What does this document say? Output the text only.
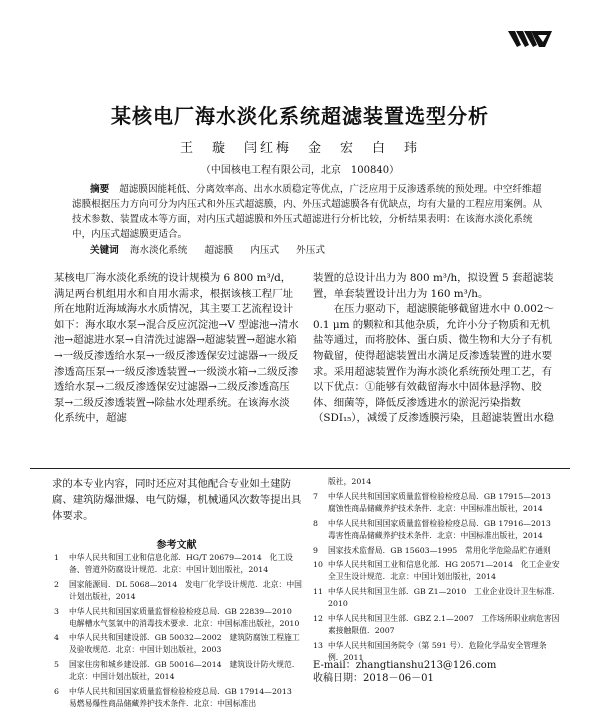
某核电厂海水淡化系统超滤装置选型分析
王　璇　闫红梅　金　宏　白　玮
（中国核电工程有限公司，北京　100840）

摘要 超滤膜因能耗低、分离效率高、出水水质稳定等优点，广泛应用于反渗透系统的预处理。中空纤维超滤膜根据压力方向可分为内压式和外压式超滤膜，内、外压式超滤膜各有优缺点，均有大量的工程应用案例。从技术参数、装置成本等方面，对内压式超滤膜和外压式超滤进行分析比较，分析结果表明：在该海水淡化系统中，内压式超滤膜更适合。

关键词 海水淡化系统 超滤膜 内压式 外压式

某核电厂海水淡化系统的设计规模为 6 800 m³/d，满足两台机组用水和自用水需求，根据该核工程厂址所在地附近海域海水水质情况，其主要工艺流程设计如下：海水取水泵→混合反应沉淀池→V 型滤池→清水池→超滤进水泵→自清洗过滤器→超滤装置→超滤水箱→一级反渗透给水泵→一级反渗透保安过滤器→一级反渗透高压泵→一级反渗透装置→一级淡水箱→二级反渗透给水泵→二级反渗透保安过滤器→二级反渗透高压泵→二级反渗透装置→除盐水处理系统。在该海水淡化系统中，超滤

装置的总设计出力为 800 m³/h，拟设置 5 套超滤装置，单套装置设计出力为 160 m³/h。
在压力驱动下，超滤膜能够截留进水中 0.002～0.1 μm 的颗粒和其他杂质，允许小分子物质和无机盐等通过，而将胶体、蛋白质、微生物和大分子有机物截留，使得超滤装置出水满足反渗透装置的进水要求。采用超滤装置作为海水淡化系统预处理工艺，有以下优点：①能够有效截留海水中固体悬浮物、胶体、细菌等，降低反渗透进水的淤泥污染指数（SDI₁₅），减缓了反渗透膜污染，且超滤装置出水稳

求的本专业内容，同时还应对其他配合专业如土建防腐、建筑防爆泄爆、电气防爆，机械通风次数等提出具体要求。

参考文献
1	中华人民共和国工业和信息化部．HG/T 20679—2014　化工设备、管道外防腐设计规范．北京：中国计划出版社，2014
2	国家能源局．DL 5068—2014　发电厂化学设计规范．北京：中国计划出版社，2014
3	中华人民共和国国家质量监督检验检疫总局．GB 22839—2010　电解槽水气氢氧中的消毒技术要求．北京：中国标准出版社，2010
4	中华人民共和国建设部．GB 50032—2002　建筑防腐蚀工程施工及验收规范．北京：中国计划出版社，2003
5	国家住房和城乡建设部．GB 50016—2014　建筑设计防火规范．北京：中国计划出版社，2014
6	中华人民共和国国家质量监督检验检疫总局．GB 17914—2013　易燃易爆性商品储藏养护技术条件．北京：中国标准出
版社，2014
7	中华人民共和国国家质量监督检验检疫总局．GB 17915—2013　腐蚀性商品储藏养护技术条件．北京：中国标准出版社，2014
8	中华人民共和国国家质量监督检验检疫总局．GB 17916—2013　毒害性商品储藏养护技术条件．北京：中国标准出版社，2014
9	国家技术监督局．GB 15603—1995　常用化学危险品贮存通则
10 中华人民共和国工业和信息化部．HG 20571—2014　化工企业安全卫生设计规范．北京：中国计划出版社，2014
11 中华人民共和国卫生部．GB Z1—2010　工业企业设计卫生标准．2010
12 中华人民共和国卫生部．GBZ 2.1—2007　工作场所职业病危害因素接触限值．2007
13 中华人民共和国国务院令（第 591 号）．危险化学品安全管理条例．2011
E-mail：zhangtianshu213@126.com
收稿日期：2018－06－01
